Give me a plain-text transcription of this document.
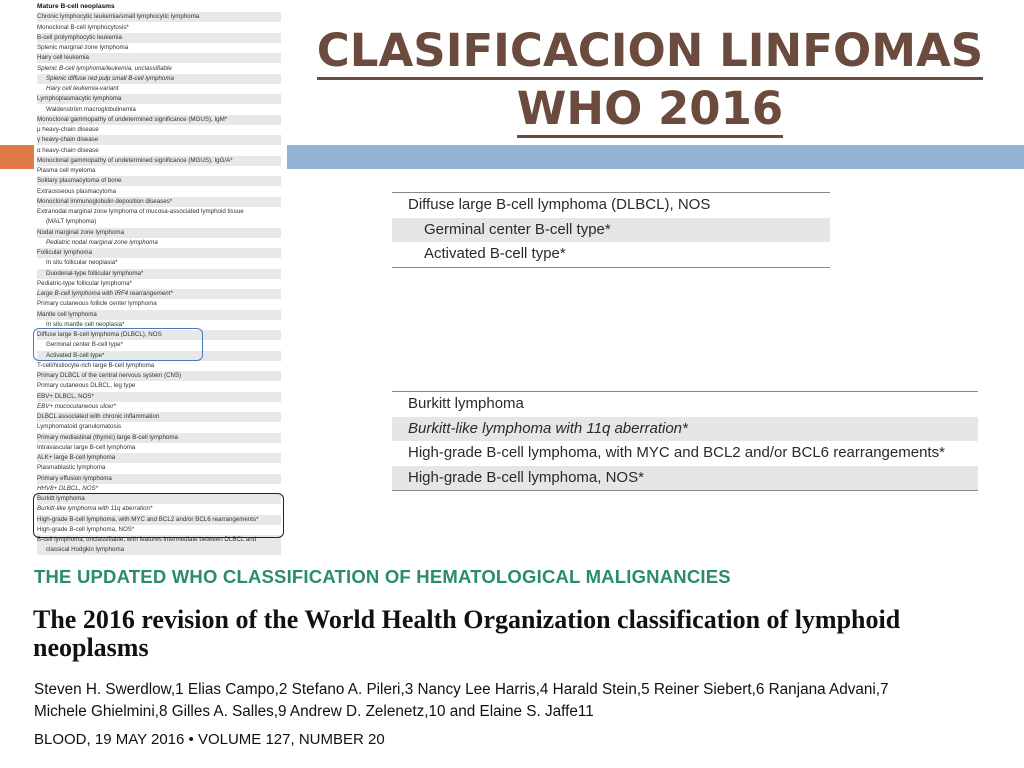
Mature B-cell neoplasms
Chronic lymphocytic leukemia/small lymphocytic lymphoma
Monoclonal B-cell lymphocytosis*
B-cell prolymphocytic leukemia
Splenic marginal zone lymphoma
Hairy cell leukemia
Splenic B-cell lymphoma/leukemia, unclassifiable
Splenic diffuse red pulp small B-cell lymphoma
Hairy cell leukemia-variant
Lymphoplasmacytic lymphoma
Waldenström macroglobulinemia
Monoclonal gammopathy of undetermined significance (MGUS), IgM*
μ heavy-chain disease
γ heavy-chain disease
α heavy-chain disease
Monoclonal gammopathy of undetermined significance (MGUS), IgG/A*
Plasma cell myeloma
Solitary plasmacytoma of bone
Extraosseous plasmacytoma
Monoclonal immunoglobulin deposition diseases*
Extranodal marginal zone lymphoma of mucosa-associated lymphoid tissue
(MALT lymphoma)
Nodal marginal zone lymphoma
Pediatric nodal marginal zone lymphoma
Follicular lymphoma
In situ follicular neoplasia*
Duodenal-type follicular lymphoma*
Pediatric-type follicular lymphoma*
Large B-cell lymphoma with IRF4 rearrangement*
Primary cutaneous follicle center lymphoma
Mantle cell lymphoma
In situ mantle cell neoplasia*
Diffuse large B-cell lymphoma (DLBCL), NOS
Germinal center B-cell type*
Activated B-cell type*
T-cell/histiocyte-rich large B-cell lymphoma
Primary DLBCL of the central nervous system (CNS)
Primary cutaneous DLBCL, leg type
EBV+ DLBCL, NOS*
EBV+ mucocutaneous ulcer*
DLBCL associated with chronic inflammation
Lymphomatoid granulomatosis
Primary mediastinal (thymic) large B-cell lymphoma
Intravascular large B-cell lymphoma
ALK+ large B-cell lymphoma
Plasmablastic lymphoma
Primary effusion lymphoma
HHV8+ DLBCL, NOS*
Burkitt lymphoma
Burkitt-like lymphoma with 11q aberration*
High-grade B-cell lymphoma, with MYC and BCL2 and/or BCL6 rearrangements*
High-grade B-cell lymphoma, NOS*
B-cell lymphoma, unclassifiable, with features intermediate between DLBCL and
classical Hodgkin lymphoma
CLASIFICACION LINFOMAS
WHO 2016
Diffuse large B-cell lymphoma (DLBCL), NOS
Germinal center B-cell type*
Activated B-cell type*
Burkitt lymphoma
Burkitt-like lymphoma with 11q aberration*
High-grade B-cell lymphoma, with MYC and BCL2 and/or BCL6 rearrangements*
High-grade B-cell lymphoma, NOS*
THE UPDATED WHO CLASSIFICATION OF HEMATOLOGICAL MALIGNANCIES
The 2016 revision of the World Health Organization classification of lymphoid neoplasms
Steven H. Swerdlow,1 Elias Campo,2 Stefano A. Pileri,3 Nancy Lee Harris,4 Harald Stein,5 Reiner Siebert,6 Ranjana Advani,7
Michele Ghielmini,8 Gilles A. Salles,9 Andrew D. Zelenetz,10 and Elaine S. Jaffe11
BLOOD, 19 MAY 2016 • VOLUME 127, NUMBER 20
